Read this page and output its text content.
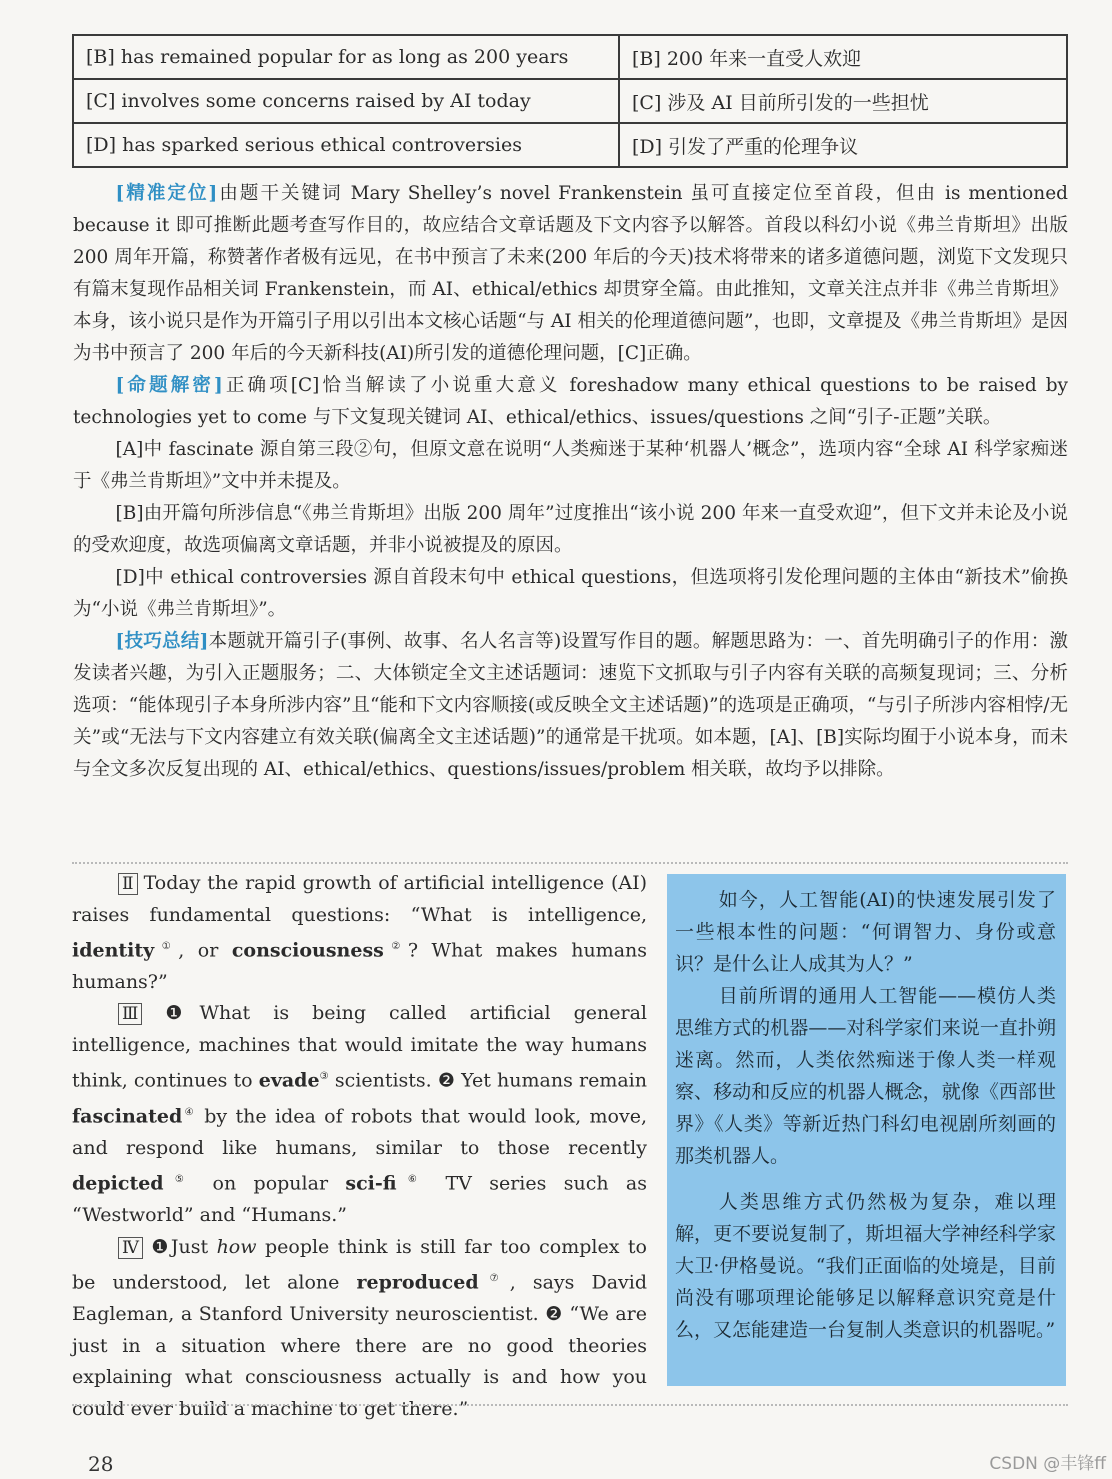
[B] has remained popular for as long as 200 years	[B] 200 年来一直受人欢迎
[C] involves some concerns raised by AI today	[C] 涉及 AI 目前所引发的一些担忧
[D] has sparked serious ethical controversies	[D] 引发了严重的伦理争议

[精准定位]由题干关键词 Mary Shelley’s novel Frankenstein 虽可直接定位至首段，但由 is mentioned because it 即可推断此题考查写作目的，故应结合文章话题及下文内容予以解答。首段以科幻小说《弗兰肯斯坦》出版 200 周年开篇，称赞著作者极有远见，在书中预言了未来(200 年后的今天)技术将带来的诸多道德问题，浏览下文发现只有篇末复现作品相关词 Frankenstein，而 AI、ethical/ethics 却贯穿全篇。由此推知，文章关注点并非《弗兰肯斯坦》本身，该小说只是作为开篇引子用以引出本文核心话题“与 AI 相关的伦理道德问题”，也即，文章提及《弗兰肯斯坦》是因为书中预言了 200 年后的今天新科技(AI)所引发的道德伦理问题，[C]正确。

[命题解密]正确项[C]恰当解读了小说重大意义 foreshadow many ethical questions to be raised by technologies yet to come 与下文复现关键词 AI、ethical/ethics、issues/questions 之间“引子-正题”关联。

[A]中 fascinate 源自第三段②句，但原文意在说明“人类痴迷于某种‘机器人’概念”，选项内容“全球 AI 科学家痴迷于《弗兰肯斯坦》”文中并未提及。

[B]由开篇句所涉信息“《弗兰肯斯坦》出版 200 周年”过度推出“该小说 200 年来一直受欢迎”，但下文并未论及小说的受欢迎度，故选项偏离文章话题，并非小说被提及的原因。

[D]中 ethical controversies 源自首段末句中 ethical questions，但选项将引发伦理问题的主体由“新技术”偷换为“小说《弗兰肯斯坦》”。

[技巧总结]本题就开篇引子(事例、故事、名人名言等)设置写作目的题。解题思路为：一、首先明确引子的作用：激发读者兴趣，为引入正题服务；二、大体锁定全文主述话题词：速览下文抓取与引子内容有关联的高频复现词；三、分析选项：“能体现引子本身所涉内容”且“能和下文内容顺接(或反映全文主述话题)”的选项是正确项，“与引子所涉内容相悖/无关”或“无法与下文内容建立有效关联(偏离全文主述话题)”的通常是干扰项。如本题，[A]、[B]实际均囿于小说本身，而未与全文多次反复出现的 AI、ethical/ethics、questions/issues/problem 相关联，故均予以排除。

Ⅱ Today the rapid growth of artificial intelligence (AI) raises fundamental questions: “What is intelligence, identity①, or consciousness②? What makes humans humans?”

Ⅲ ❶What is being called artificial general intelligence, machines that would imitate the way humans think, continues to evade③ scientists. ❷ Yet humans remain fascinated④ by the idea of robots that would look, move, and respond like humans, similar to those recently depicted⑤ on popular sci-fi⑥ TV series such as “Westworld” and “Humans.”

Ⅳ ❶Just how people think is still far too complex to be understood, let alone reproduced⑦, says David Eagleman, a Stanford University neuroscientist. ❷ “We are just in a situation where there are no good theories explaining what consciousness actually is and how you could ever build a machine to get there.”

如今，人工智能(AI)的快速发展引发了一些根本性的问题：“何谓智力、身份或意识？是什么让人成其为人？”

目前所谓的通用人工智能——模仿人类思维方式的机器——对科学家们来说一直扑朔迷离。然而，人类依然痴迷于像人类一样观察、移动和反应的机器人概念，就像《西部世界》《人类》等新近热门科幻电视剧所刻画的那类机器人。

人类思维方式仍然极为复杂，难以理解，更不要说复制了，斯坦福大学神经科学家大卫·伊格曼说。“我们正面临的处境是，目前尚没有哪项理论能够足以解释意识究竟是什么，又怎能建造一台复制人类意识的机器呢。”

28	CSDN @丰锋ff
